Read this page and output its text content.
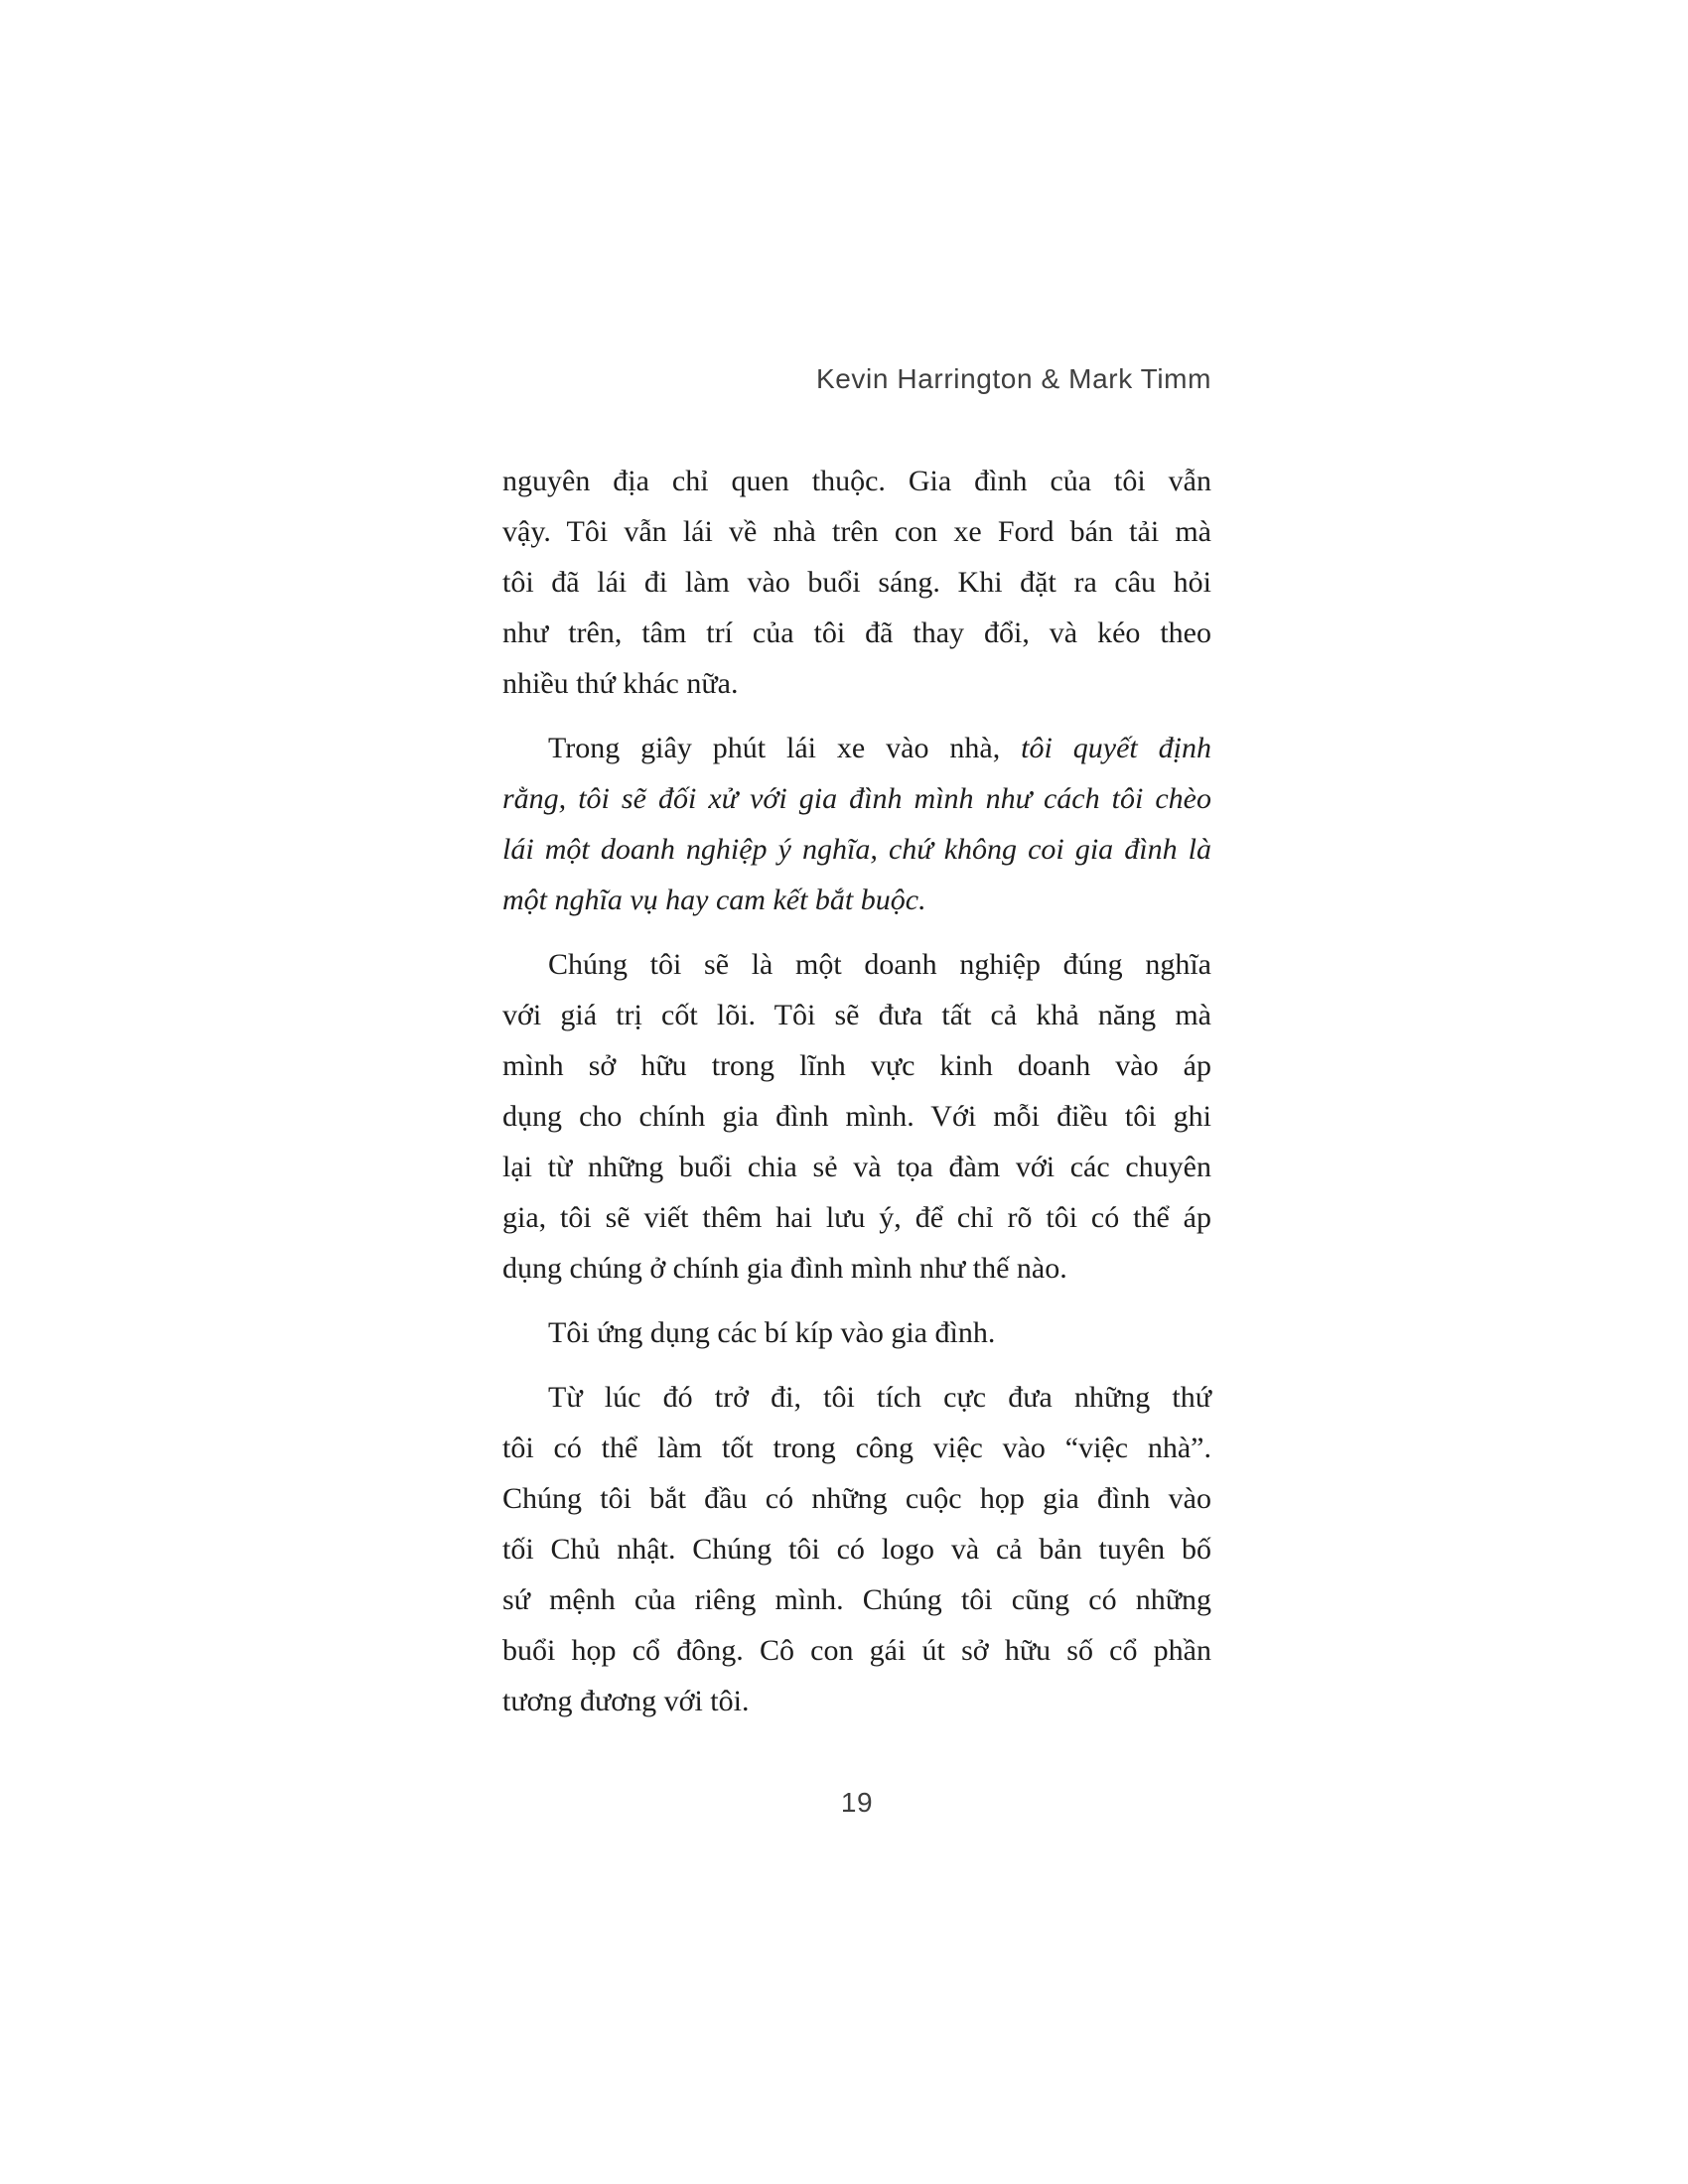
Kevin Harrington & Mark Timm
nguyên địa chỉ quen thuộc. Gia đình của tôi vẫn
vậy. Tôi vẫn lái về nhà trên con xe Ford bán tải mà
tôi đã lái đi làm vào buổi sáng. Khi đặt ra câu hỏi
như trên, tâm trí của tôi đã thay đổi, và kéo theo
nhiều thứ khác nữa.
Trong giây phút lái xe vào nhà, tôi quyết định
rằng, tôi sẽ đối xử với gia đình mình như cách tôi chèo
lái một doanh nghiệp ý nghĩa, chứ không coi gia đình là
một nghĩa vụ hay cam kết bắt buộc.
Chúng tôi sẽ là một doanh nghiệp đúng nghĩa
với giá trị cốt lõi. Tôi sẽ đưa tất cả khả năng mà
mình sở hữu trong lĩnh vực kinh doanh vào áp
dụng cho chính gia đình mình. Với mỗi điều tôi ghi
lại từ những buổi chia sẻ và tọa đàm với các chuyên
gia, tôi sẽ viết thêm hai lưu ý, để chỉ rõ tôi có thể áp
dụng chúng ở chính gia đình mình như thế nào.
Tôi ứng dụng các bí kíp vào gia đình.
Từ lúc đó trở đi, tôi tích cực đưa những thứ
tôi có thể làm tốt trong công việc vào “việc nhà”.
Chúng tôi bắt đầu có những cuộc họp gia đình vào
tối Chủ nhật. Chúng tôi có logo và cả bản tuyên bố
sứ mệnh của riêng mình. Chúng tôi cũng có những
buổi họp cổ đông. Cô con gái út sở hữu số cổ phần
tương đương với tôi.
19
